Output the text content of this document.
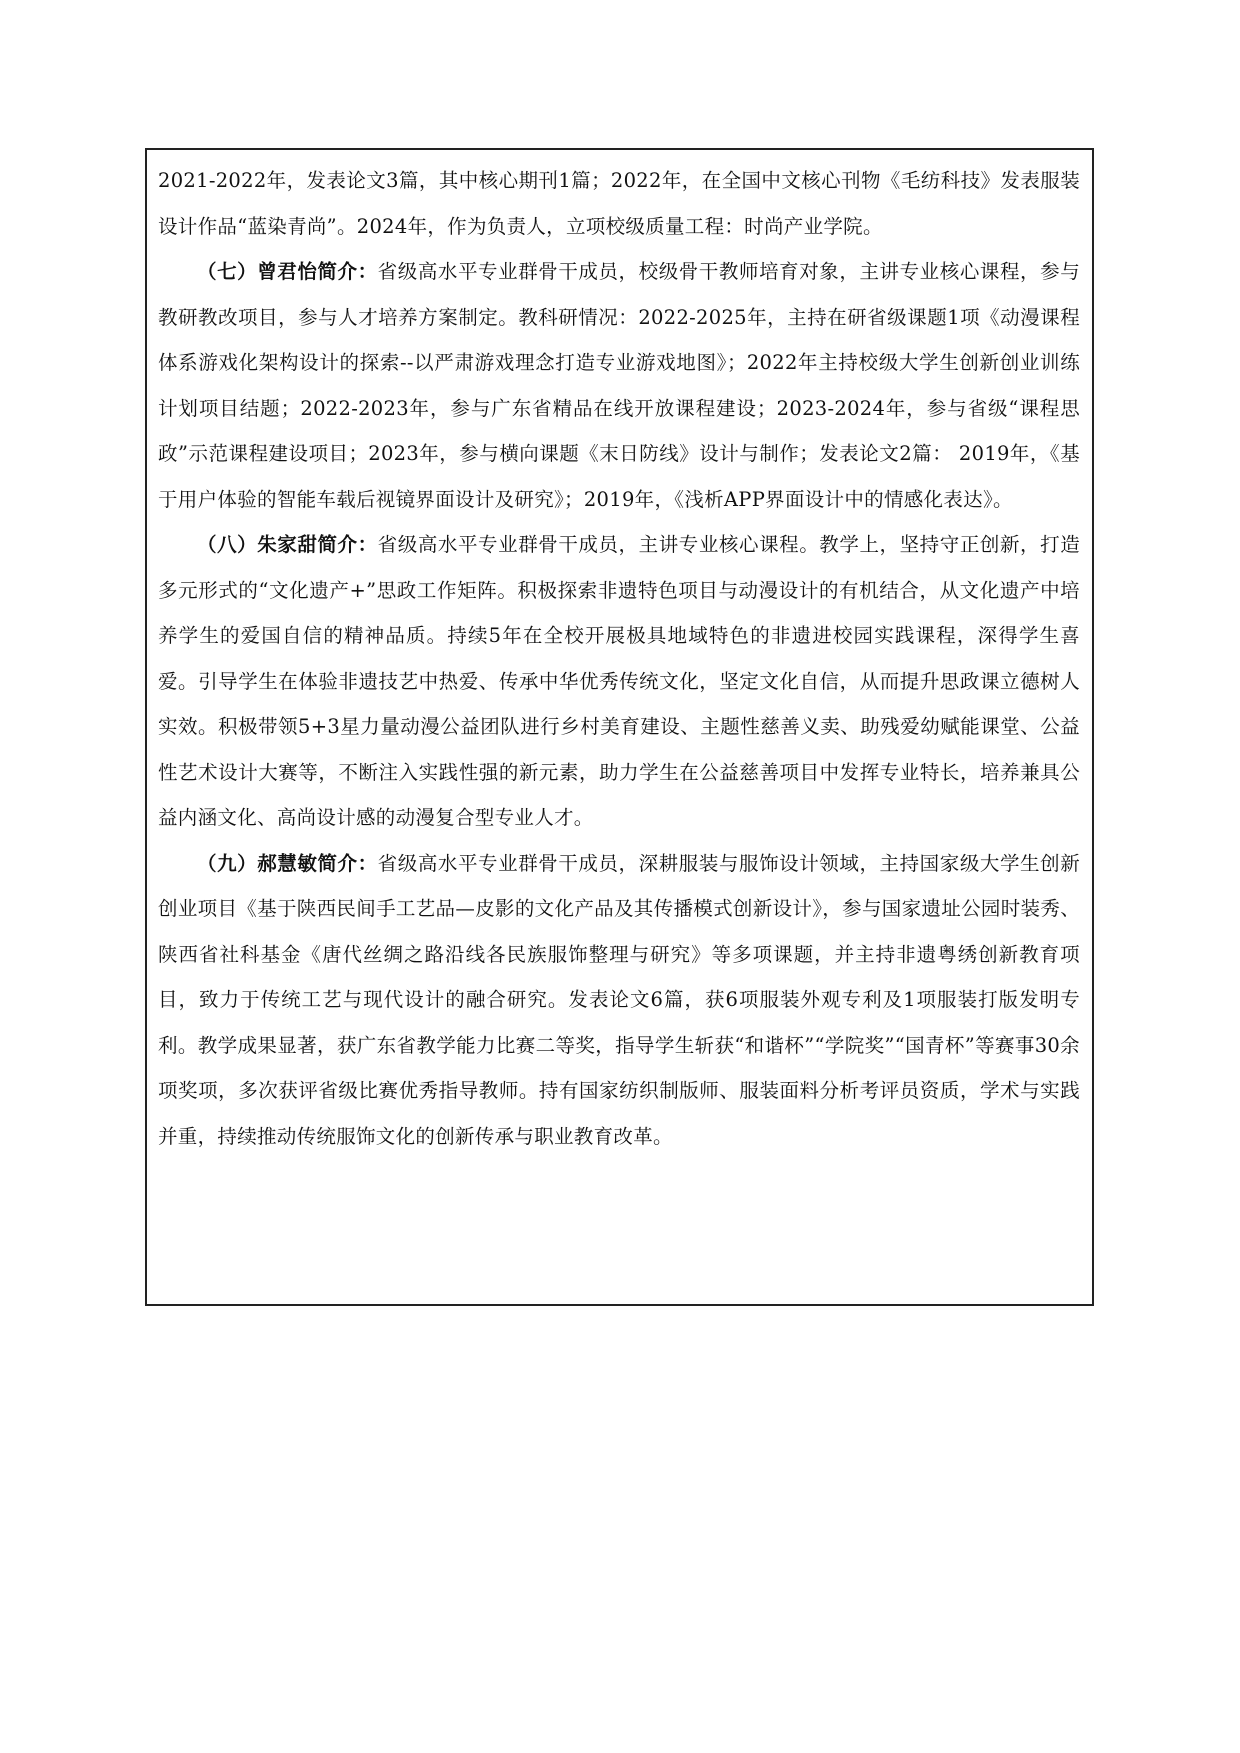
2021-2022年，发表论文3篇，其中核心期刊1篇；2022年，在全国中文核心刊物《毛纺科技》发表服装设计作品“蓝染青尚”。2024年，作为负责人，立项校级质量工程：时尚产业学院。

（七）曾君怡简介：省级高水平专业群骨干成员，校级骨干教师培育对象，主讲专业核心课程，参与教研教改项目，参与人才培养方案制定。教科研情况：2022-2025年，主持在研省级课题1项《动漫课程体系游戏化架构设计的探索--以严肃游戏理念打造专业游戏地图》；2022年主持校级大学生创新创业训练计划项目结题；2022-2023年，参与广东省精品在线开放课程建设；2023-2024年，参与省级“课程思政”示范课程建设项目；2023年，参与横向课题《末日防线》设计与制作；发表论文2篇： 2019年，《基于用户体验的智能车载后视镜界面设计及研究》；2019年，《浅析APP界面设计中的情感化表达》。

（八）朱家甜简介：省级高水平专业群骨干成员，主讲专业核心课程。教学上，坚持守正创新，打造多元形式的“文化遗产+”思政工作矩阵。积极探索非遗特色项目与动漫设计的有机结合，从文化遗产中培养学生的爱国自信的精神品质。持续5年在全校开展极具地域特色的非遗进校园实践课程，深得学生喜爱。引导学生在体验非遗技艺中热爱、传承中华优秀传统文化，坚定文化自信，从而提升思政课立德树人实效。积极带领5+3星力量动漫公益团队进行乡村美育建设、主题性慈善义卖、助残爱幼赋能课堂、公益性艺术设计大赛等，不断注入实践性强的新元素，助力学生在公益慈善项目中发挥专业特长，培养兼具公益内涵文化、高尚设计感的动漫复合型专业人才。

（九）郝慧敏简介：省级高水平专业群骨干成员，深耕服装与服饰设计领域，主持国家级大学生创新创业项目《基于陕西民间手工艺品—皮影的文化产品及其传播模式创新设计》，参与国家遗址公园时装秀、陕西省社科基金《唐代丝绸之路沿线各民族服饰整理与研究》等多项课题，并主持非遗粤绣创新教育项目，致力于传统工艺与现代设计的融合研究。发表论文6篇，获6项服装外观专利及1项服装打版发明专利。教学成果显著，获广东省教学能力比赛二等奖，指导学生斩获“和谐杯”“学院奖”“国青杯”等赛事30余项奖项，多次获评省级比赛优秀指导教师。持有国家纺织制版师、服装面料分析考评员资质，学术与实践并重，持续推动传统服饰文化的创新传承与职业教育改革。
